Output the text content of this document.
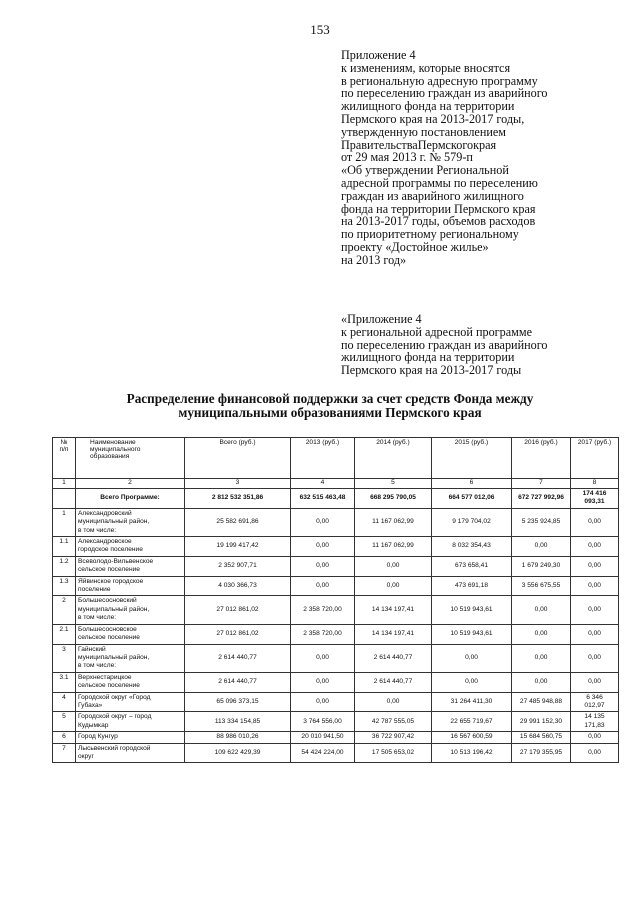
153
Приложение 4
к изменениям, которые вносятся
в региональную адресную программу
по переселению граждан из аварийного
жилищного фонда на территории
Пермского края на 2013-2017 годы,
утвержденную постановлением
ПравительстваПермскогокрая
от 29 мая 2013 г. № 579-п
«Об утверждении Региональной
адресной программы по переселению
граждан из аварийного жилищного
фонда на территории Пермского края
на 2013-2017 годы, объемов расходов
по приоритетному региональному
проекту «Достойное жилье»
на 2013 год»
«Приложение 4
к региональной адресной программе
по переселению граждан из аварийного
жилищного фонда на территории
Пермского края на 2013-2017 годы
Распределение финансовой поддержки за счет средств Фонда между
муниципальными образованиями Пермского края
№
п/п	Наименование
муниципального
образования	Всего (руб.)	2013 (руб.)	2014 (руб.)	2015 (руб.)	2016 (руб.)	2017 (руб.)
1	2	3	4	5	6	7	8
	Всего Программе:	2 812 532 351,86	632 515 463,48	668 295 790,05	664 577 012,06	672 727 992,96	174 416
093,31
1	Александровский
муниципальный район,
в том числе:	25 582 691,86	0,00	11 167 062,99	9 179 704,02	5 235 924,85	0,00
1.1	Александровское
городское поселение	19 199 417,42	0,00	11 167 062,99	8 032 354,43	0,00	0,00
1.2	Всеволодо-Вильвенское
сельское поселение	2 352 907,71	0,00	0,00	673 658,41	1 679 249,30	0,00
1.3	Яйвинское городское
поселение	4 030 366,73	0,00	0,00	473 691,18	3 556 675,55	0,00
2	Большесосновский
муниципальный район,
в том числе:	27 012 861,02	2 358 720,00	14 134 197,41	10 519 943,61	0,00	0,00
2.1	Большесосновское
сельское поселение	27 012 861,02	2 358 720,00	14 134 197,41	10 519 943,61	0,00	0,00
3	Гайнский
муниципальный район,
в том числе:	2 614 440,77	0,00	2 614 440,77	0,00	0,00	0,00
3.1	Верхнестарицкое
сельское поселение	2 614 440,77	0,00	2 614 440,77	0,00	0,00	0,00
4	Городской округ «Город
Губаха»	65 096 373,15	0,00	0,00	31 264 411,30	27 485 948,88	6 346
012,97
5	Городской округ – город
Кудымкар	113 334 154,85	3 764 556,00	42 787 555,05	22 655 719,67	29 991 152,30	14 135
171,83
6	Город Кунгур	88 986 010,26	20 010 941,50	36 722 907,42	16 567 600,59	15 684 560,75	0,00
7	Лысьвенский городской
округ	109 622 429,39	54 424 224,00	17 505 653,02	10 513 196,42	27 179 355,95	0,00
